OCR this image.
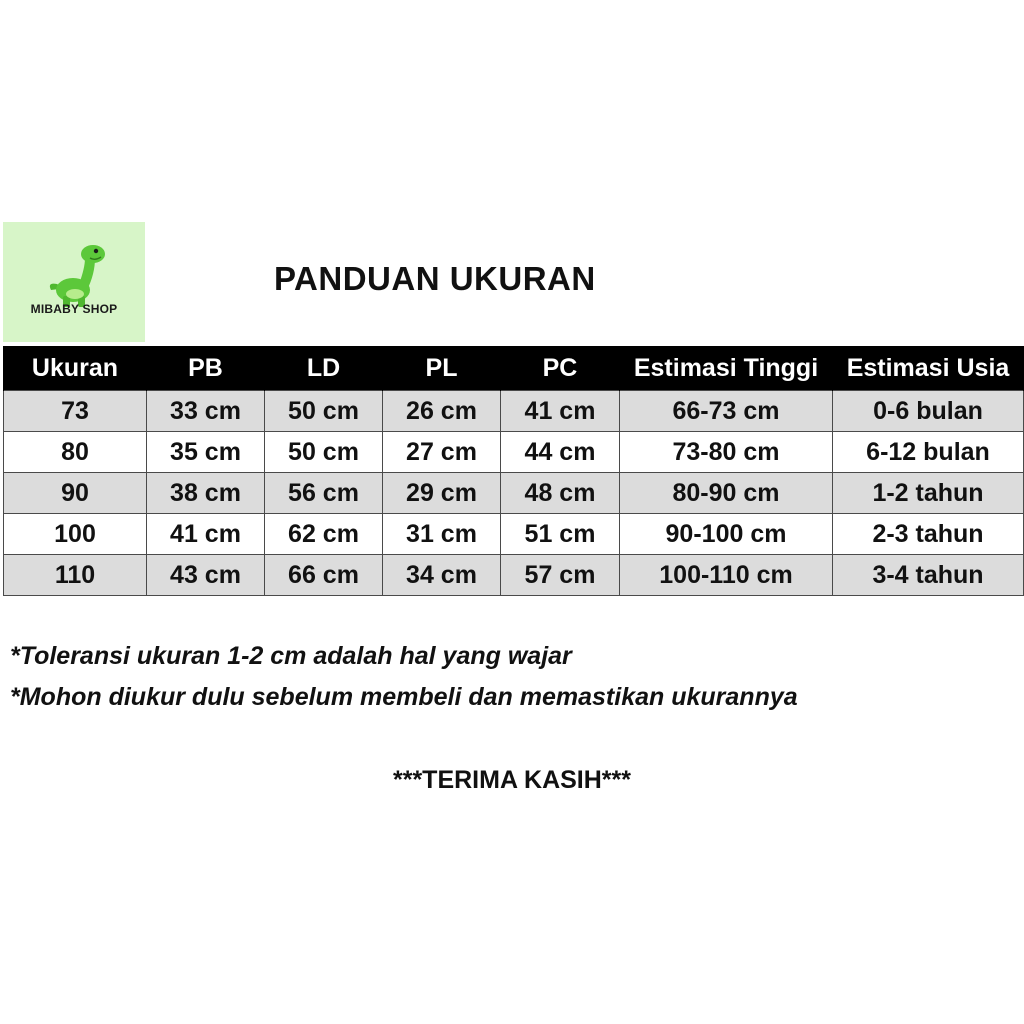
MIBABY SHOP
PANDUAN UKURAN
Ukuran	PB	LD	PL	PC	Estimasi Tinggi	Estimasi Usia
73	33 cm	50 cm	26 cm	41 cm	66-73 cm	0-6 bulan
80	35 cm	50 cm	27 cm	44 cm	73-80 cm	6-12 bulan
90	38 cm	56 cm	29 cm	48 cm	80-90 cm	1-2 tahun
100	41 cm	62 cm	31 cm	51 cm	90-100 cm	2-3 tahun
110	43 cm	66 cm	34 cm	57 cm	100-110 cm	3-4 tahun
*Toleransi ukuran 1-2 cm adalah hal yang wajar
*Mohon diukur dulu sebelum membeli dan memastikan ukurannya
***TERIMA KASIH***
